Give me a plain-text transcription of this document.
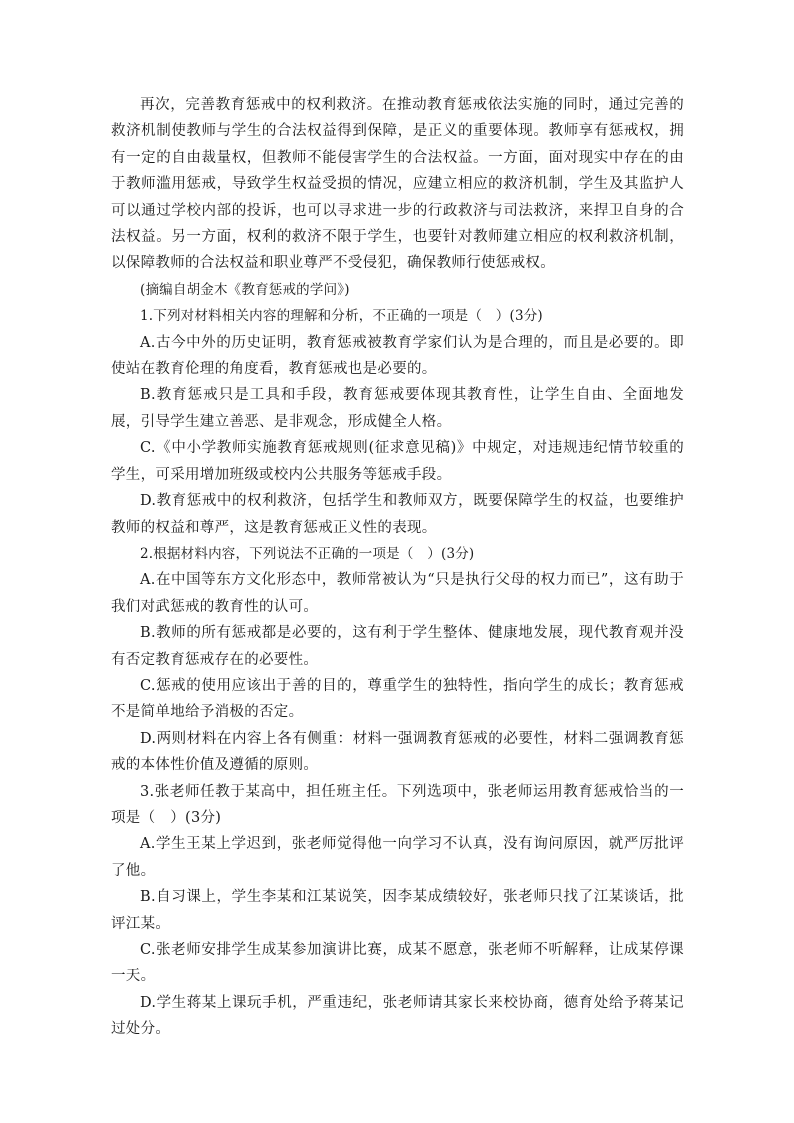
再次，完善教育惩戒中的权利救济。在推动教育惩戒依法实施的同时，通过完善的救济机制使教师与学生的合法权益得到保障，是正义的重要体现。教师享有惩戒权，拥有一定的自由裁量权，但教师不能侵害学生的合法权益。一方面，面对现实中存在的由于教师滥用惩戒，导致学生权益受损的情况，应建立相应的救济机制，学生及其监护人可以通过学校内部的投诉，也可以寻求进一步的行政救济与司法救济，来捍卫自身的合法权益。另一方面，权利的救济不限于学生，也要针对教师建立相应的权利救济机制，以保障教师的合法权益和职业尊严不受侵犯，确保教师行使惩戒权。

(摘编自胡金木《教育惩戒的学问》)

1.下列对材料相关内容的理解和分析，不正确的一项是（　）(3分)

A.古今中外的历史证明，教育惩戒被教育学家们认为是合理的，而且是必要的。即使站在教育伦理的角度看，教育惩戒也是必要的。

B.教育惩戒只是工具和手段，教育惩戒要体现其教育性，让学生自由、全面地发展，引导学生建立善恶、是非观念，形成健全人格。

C.《中小学教师实施教育惩戒规则(征求意见稿)》中规定，对违规违纪情节较重的学生，可采用增加班级或校内公共服务等惩戒手段。

D.教育惩戒中的权利救济，包括学生和教师双方，既要保障学生的权益，也要维护教师的权益和尊严，这是教育惩戒正义性的表现。

2.根据材料内容，下列说法不正确的一项是（　）(3分)

A.在中国等东方文化形态中，教师常被认为“只是执行父母的权力而已”，这有助于我们对武惩戒的教育性的认可。

B.教师的所有惩戒都是必要的，这有利于学生整体、健康地发展，现代教育观并没有否定教育惩戒存在的必要性。

C.惩戒的使用应该出于善的目的，尊重学生的独特性，指向学生的成长；教育惩戒不是简单地给予消极的否定。

D.两则材料在内容上各有侧重：材料一强调教育惩戒的必要性，材料二强调教育惩戒的本体性价值及遵循的原则。

3.张老师任教于某高中，担任班主任。下列选项中，张老师运用教育惩戒恰当的一项是（　）(3分)

A.学生王某上学迟到，张老师觉得他一向学习不认真，没有询问原因，就严厉批评了他。

B.自习课上，学生李某和江某说笑，因李某成绩较好，张老师只找了江某谈话，批评江某。

C.张老师安排学生成某参加演讲比赛，成某不愿意，张老师不听解释，让成某停课一天。

D.学生蒋某上课玩手机，严重违纪，张老师请其家长来校协商，德育处给予蒋某记过处分。
